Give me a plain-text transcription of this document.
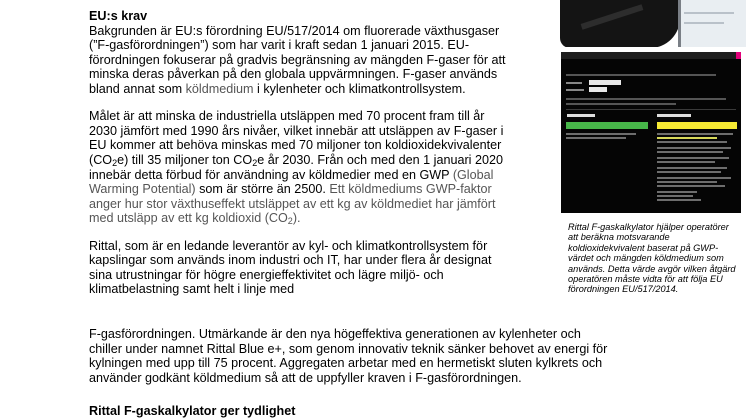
EU:s krav

Bakgrunden är EU:s förordning EU/517/2014 om fluorerade växthusgaser

(”F-gasförordningen”) som har varit i kraft sedan 1 januari 2015. EU-

förordningen fokuserar på gradvis begränsning av mängden F-gaser för att

minska deras påverkan på den globala uppvärmningen. F-gaser används

bland annat som köldmedium i kylenheter och klimatkontrollsystem.

Målet är att minska de industriella utsläppen med 70 procent fram till år

2030 jämfört med 1990 års nivåer, vilket innebär att utsläppen av F-gaser i

EU kommer att behöva minskas med 70 miljoner ton koldioxidekvivalenter

$(CO_2e)$ till 35 miljoner ton $CO_2e$ år 2030. Från och med den 1 januari 2020

innebär detta förbud för användning av köldmedier med en GWP (Global

Warming Potential) som är större än 2500. Ett köldmediums GWP-faktor

anger hur stor växthuseffekt utsläppet av ett kg av köldmediet har jämfört

med utsläpp av ett kg koldioxid $(CO_2)$.

Rittal, som är en ledande leverantör av kyl- och klimatkontrollsystem för

kapslingar som används inom industri och IT, har under flera år designat

sina utrustningar för högre energieffektivitet och lägre miljö- och

klimatbelastning samt helt i linje med

F-gasförordningen. Utmärkande är den nya högeffektiva generationen av kylenheter och

chiller under namnet Rittal Blue e+, som genom innovativ teknik sänker behovet av energi för

kylningen med upp till 75 procent. Aggregaten arbetar med en hermetiskt sluten kylkrets och

använder godkänt köldmedium så att de uppfyller kraven i F-gasförordningen.

Rittal F-gaskalkylator ger tydlighet
Rittal F-gaskalkylator hjälper operatörer att beräkna motsvarande koldioxidekvivalent baserat på GWP-värdet och mängden köldmedium som används. Detta värde avgör vilken åtgärd operatören måste vidta för att följa EU förordningen EU/517/2014.
